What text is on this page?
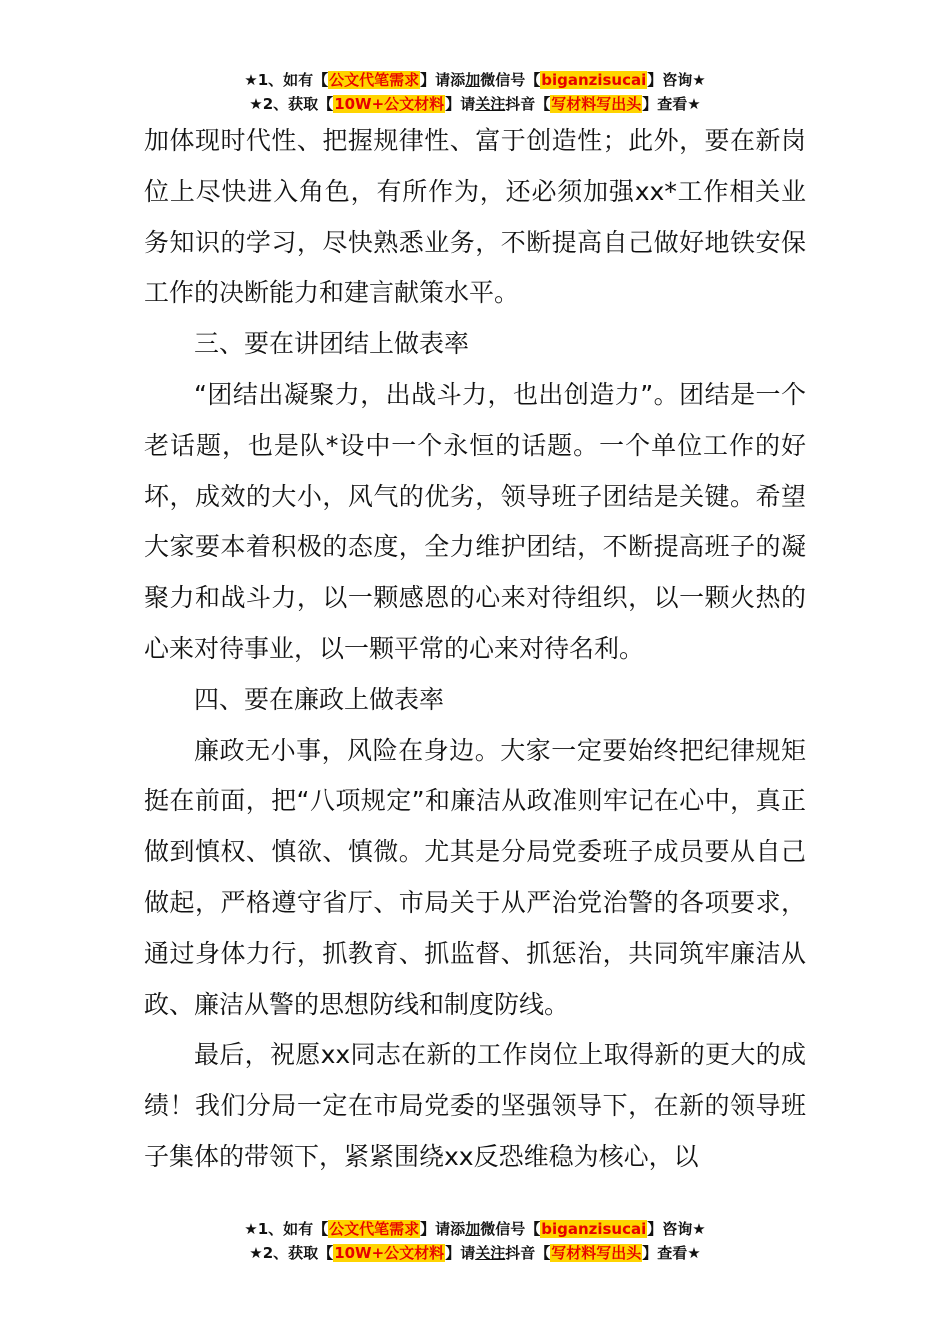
★1、如有【公文代笔需求】请添加微信号【biganzisucai】咨询★
★2、获取【10W+公文材料】请关注抖音【写材料写出头】查看★

加体现时代性、把握规律性、富于创造性；此外，要在新岗位上尽快进入角色，有所作为，还必须加强xx*工作相关业务知识的学习，尽快熟悉业务，不断提高自己做好地铁安保工作的决断能力和建言献策水平。

三、要在讲团结上做表率

“团结出凝聚力，出战斗力，也出创造力”。团结是一个老话题，也是队*设中一个永恒的话题。一个单位工作的好坏，成效的大小，风气的优劣，领导班子团结是关键。希望大家要本着积极的态度，全力维护团结，不断提高班子的凝聚力和战斗力，以一颗感恩的心来对待组织，以一颗火热的心来对待事业，以一颗平常的心来对待名利。

四、要在廉政上做表率

廉政无小事，风险在身边。大家一定要始终把纪律规矩挺在前面，把“八项规定”和廉洁从政准则牢记在心中，真正做到慎权、慎欲、慎微。尤其是分局党委班子成员要从自己做起，严格遵守省厅、市局关于从严治党治警的各项要求，通过身体力行，抓教育、抓监督、抓惩治，共同筑牢廉洁从政、廉洁从警的思想防线和制度防线。

最后，祝愿xx同志在新的工作岗位上取得新的更大的成绩！我们分局一定在市局党委的坚强领导下，在新的领导班子集体的带领下，紧紧围绕xx反恐维稳为核心，以

★1、如有【公文代笔需求】请添加微信号【biganzisucai】咨询★
★2、获取【10W+公文材料】请关注抖音【写材料写出头】查看★
